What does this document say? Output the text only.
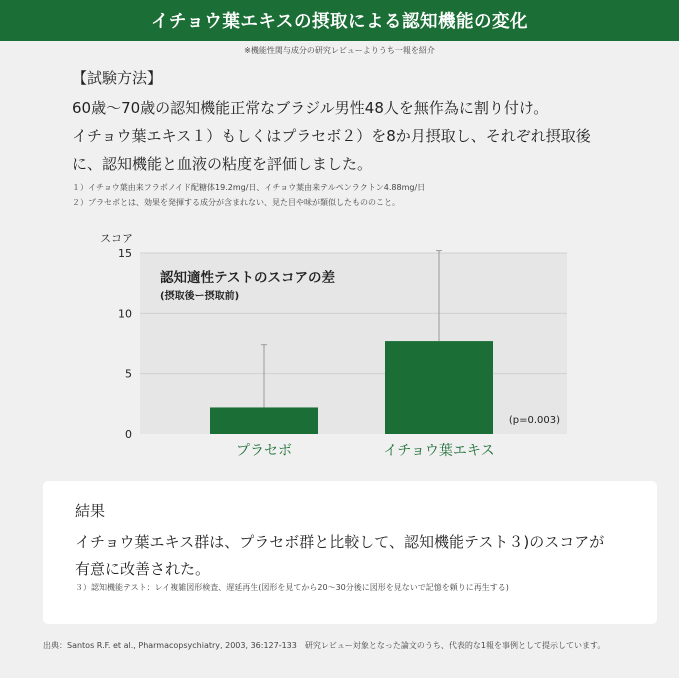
イチョウ葉エキスの摂取による認知機能の変化
※機能性関与成分の研究レビューよりうち一報を紹介
【試験方法】
60歳〜70歳の認知機能正常なブラジル男性48人を無作為に割り付け。
イチョウ葉エキス１）もしくはプラセボ２）を8か月摂取し、それぞれ摂取後
に、認知機能と血液の粘度を評価しました。
１）イチョウ葉由来フラボノイド配糖体19.2mg/日、イチョウ葉由来テルペンラクトン4.88mg/日
２）プラセボとは、効果を発揮する成分が含まれない、見た目や味が類似したもののこと。
0
5
10
15
スコア
認知適性テストのスコアの差
(摂取後ー摂取前)
プラセボ	イチョウ葉エキス
(p=0.003)
結果
イチョウ葉エキス群は、プラセボ群と比較して、認知機能テスト３)のスコアが
有意に改善された。
３）認知機能テスト：レイ複雑図形検査、遅延再生(図形を見てから20〜30分後に図形を見ないで記憶を頼りに再生する)
出典：Santos R.F. et al., Pharmacopsychiatry, 2003, 36:127-133　研究レビュー対象となった論文のうち、代表的な1報を事例として提示しています。
